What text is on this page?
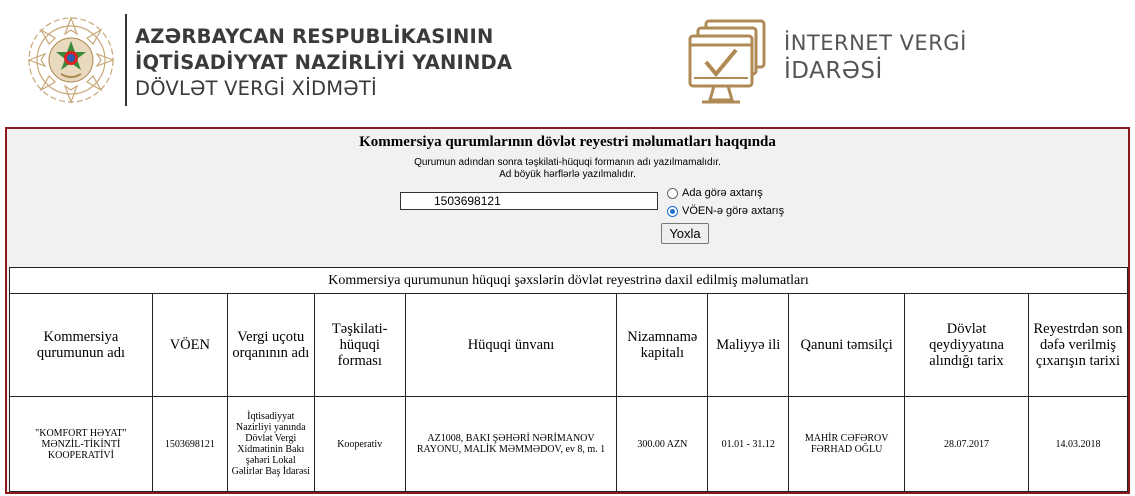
AZƏRBAYCAN RESPUBLİKASININ
İQTİSADİYYAT NAZİRLİYİ YANINDA
DÖVLƏT VERGİ XİDMƏTİ
İNTERNET VERGİ
İDARƏSİ
Kommersiya qurumlarının dövlət reyestri məlumatları haqqında
Qurumun adından sonra təşkilati-hüquqi formanın adı yazılmamalıdır.
Ad böyük hərflərlə yazılmalıdır.
1503698121
Ada görə axtarış
VÖEN-ə görə axtarış
Yoxla
Kommersiya qurumunun hüquqi şəxslərin dövlət reyestrinə daxil edilmiş məlumatları									
Kommersiya qurumunun adı	VÖEN	Vergi uçotu orqanının adı	Təşkilati-hüquqi forması	Hüquqi ünvanı	Nizamnamə kapitalı	Maliyyə ili	Qanuni təmsilçi	Dövlət qeydiyyatına alındığı tarix	Reyestrdən son dəfə verilmiş çıxarışın tarixi
"KOMFORT HƏYAT" MƏNZİL-TİKİNTİ KOOPERATİVİ	1503698121	İqtisadiyyat Nazirliyi yanında Dövlət Vergi Xidmətinin Bakı şəhəri Lokal Gəlirlər Baş İdarəsi	Kooperativ	AZ1008, BAKI ŞƏHƏRİ NƏRİMANOV RAYONU, MALİK MƏMMƏDOV, ev 8, m. 1	300.00 AZN	01.01 - 31.12	MAHİR CƏFƏROV FƏRHAD OĞLU	28.07.2017	14.03.2018
